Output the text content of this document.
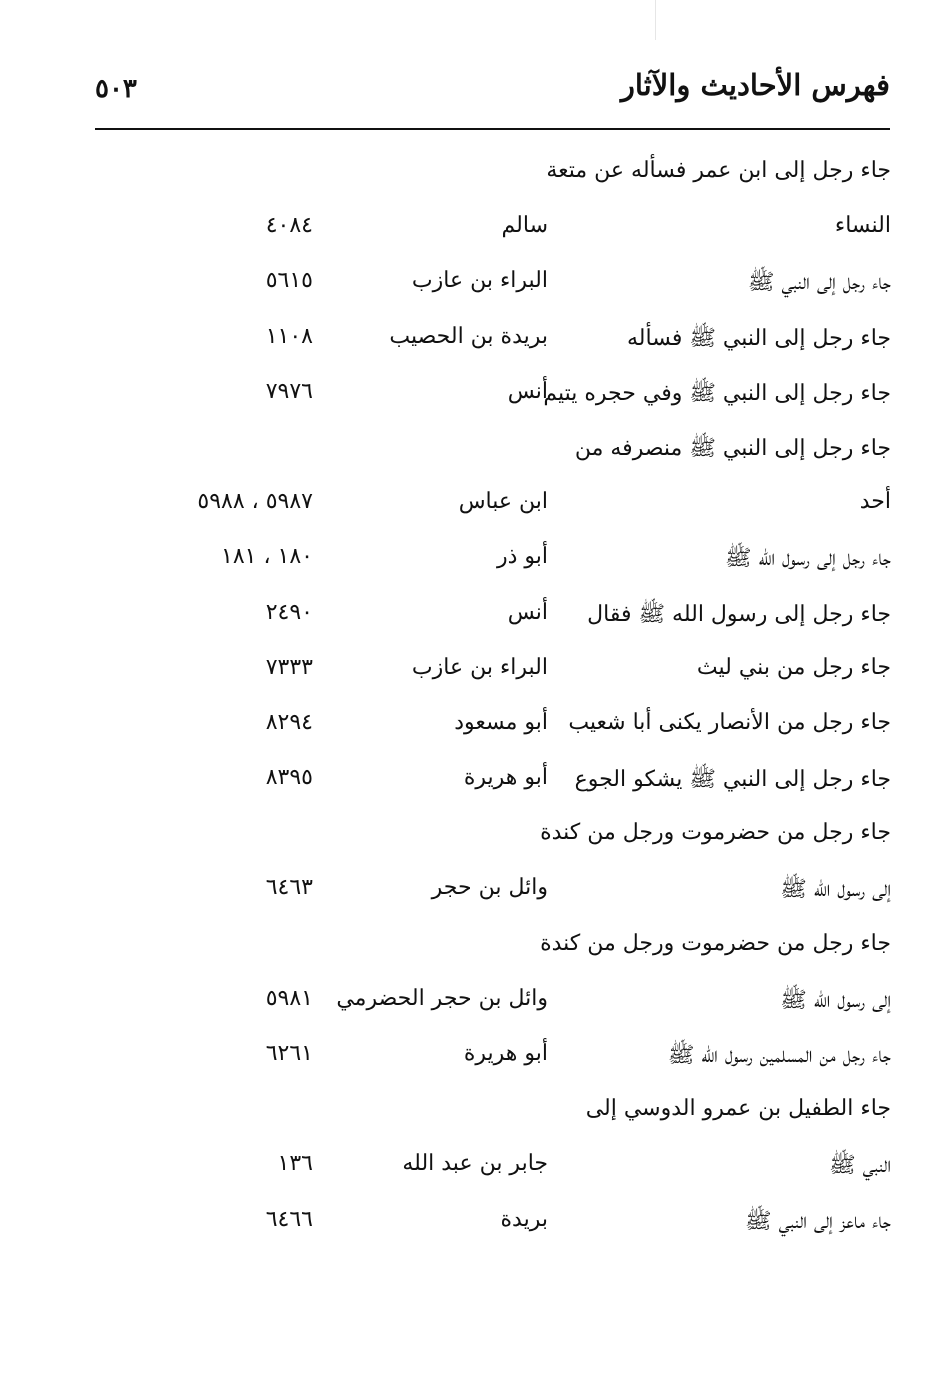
فهرس الأحاديث والآثار
٥٠٣
جاء رجل إلى ابن عمر فسأله عن متعة
النساء
سالم
٤٠٨٤
جاء رجل إلى النبي ﷺ
البراء بن عازب
٥٦١٥
جاء رجل إلى النبي ﷺ فسأله
بريدة بن الحصيب
١١٠٨
جاء رجل إلى النبي ﷺ وفي حجره يتيم
أنس
٧٩٧٦
جاء رجل إلى النبي ﷺ منصرفه من
أحد
ابن عباس
٥٩٨٧ ، ٥٩٨٨
جاء رجل إلى رسول الله ﷺ
أبو ذر
١٨٠ ، ١٨١
جاء رجل إلى رسول الله ﷺ فقال
أنس
٢٤٩٠
جاء رجل من بني ليث
البراء بن عازب
٧٣٣٣
جاء رجل من الأنصار يكنى أبا شعيب
أبو مسعود
٨٢٩٤
جاء رجل إلى النبي ﷺ يشكو الجوع
أبو هريرة
٨٣٩٥
جاء رجل من حضرموت ورجل من كندة
إلى رسول الله ﷺ
وائل بن حجر
٦٤٦٣
جاء رجل من حضرموت ورجل من كندة
إلى رسول الله ﷺ
وائل بن حجر الحضرمي
٥٩٨١
جاء رجل من المسلمين رسول الله ﷺ
أبو هريرة
٦٢٦١
جاء الطفيل بن عمرو الدوسي إلى
النبي ﷺ
جابر بن عبد الله
١٣٦
جاء ماعز إلى النبي ﷺ
بريدة
٦٤٦٦
